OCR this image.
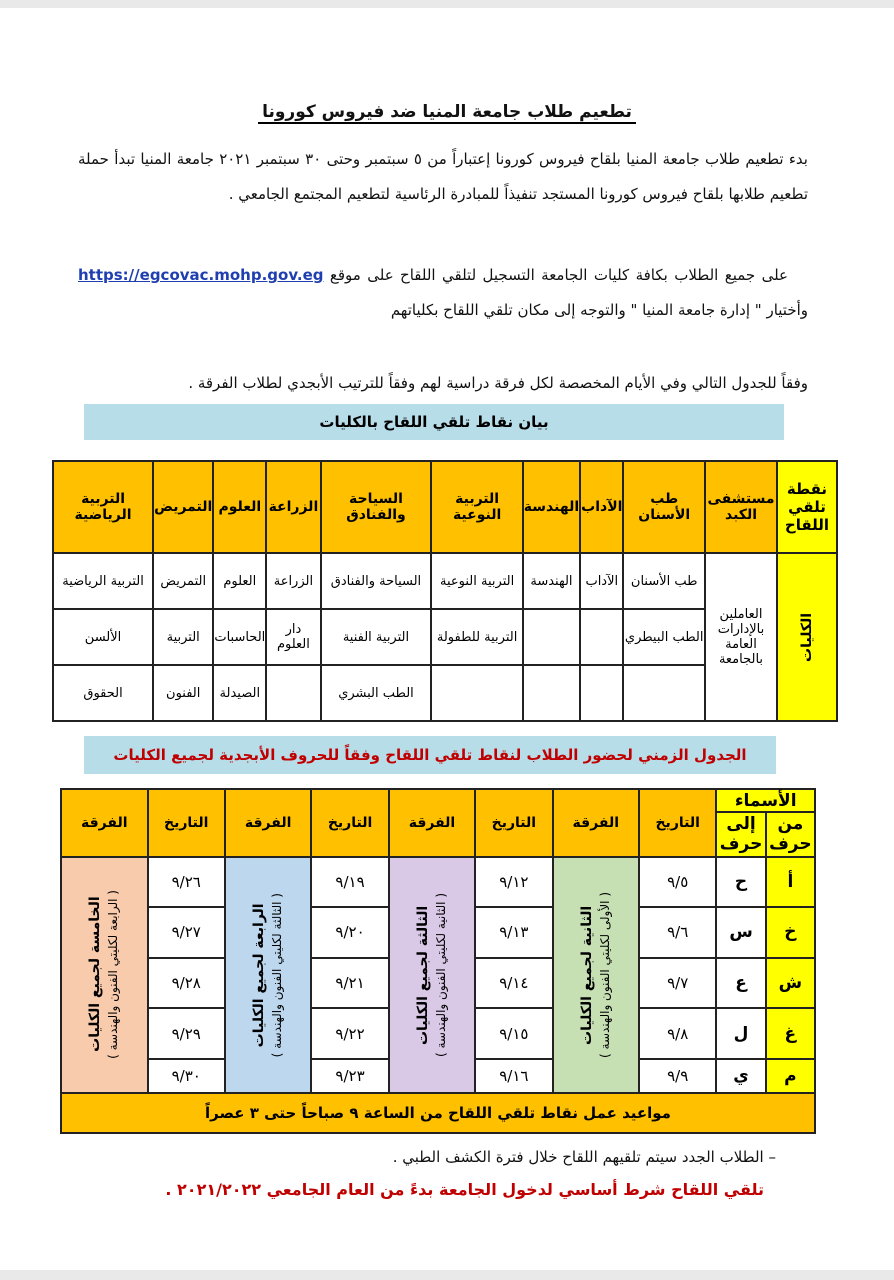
تطعيم طلاب جامعة المنيا ضد فيروس كورونا
بدء تطعيم طلاب جامعة المنيا بلقاح فيروس كورونا إعتباراً من ٥ سبتمبر وحتى ٣٠ سبتمبر ٢٠٢١ جامعة المنيا تبدأ حملة تطعيم طلابها بلقاح فيروس كورونا المستجد تنفيذاً للمبادرة الرئاسية لتطعيم المجتمع الجامعي .
على جميع الطلاب بكافة كليات الجامعة التسجيل لتلقي اللقاح على موقع https://egcovac.mohp.gov.eg وأختيار " إدارة جامعة المنيا " والتوجه إلى مكان تلقي اللقاح بكلياتهم
وفقاً للجدول التالي وفي الأيام المخصصة لكل فرقة دراسية لهم وفقاً للترتيب الأبجدي لطلاب الفرقة .
بيان نقاط تلقي اللقاح بالكليات
نقطة تلقي اللقاح	مستشفى الكبد	طب الأسنان	الآداب	الهندسة	التربية النوعية	السياحة والفنادق	الزراعة	العلوم	التمريض	التربية الرياضية

الكليات	العاملين بالإدارات العامة بالجامعة	طب الأسنان	الآداب	الهندسة	التربية النوعية	السياحة والفنادق	الزراعة	العلوم	التمريض	التربية الرياضية
		الطب البيطري			التربية للطفولة	التربية الفنية	دار العلوم	الحاسبات	التربية	الألسن
						الطب البشري		الصيدلة	الفنون	الحقوق
الجدول الزمني لحضور الطلاب لنقاط تلقي اللقاح وفقاً للحروف الأبجدية لجميع الكليات
الأسماء		التاريخ	الفرقة	التاريخ	الفرقة	التاريخ	الفرقة	التاريخ	الفرقة
من حرف	إلى حرف								
أ	ح	٩/٥	الثانية لجميع الكليات ( الأولى لكليتي الفنون والهندسة )	٩/١٢	الثالثة لجميع الكليات ( الثانية لكليتي الفنون والهندسة )	٩/١٩	الرابعة لجميع الكليات ( الثالثة لكليتي الفنون والهندسة )	٩/٢٦	الخامسة لجميع الكليات ( الرابعة لكليتي الفنون والهندسة )

خ	س	٩/٦		٩/١٣		٩/٢٠		٩/٢٧	
ش	ع	٩/٧		٩/١٤		٩/٢١		٩/٢٨	
غ	ل	٩/٨		٩/١٥		٩/٢٢		٩/٢٩	
م	ي	٩/٩		٩/١٦		٩/٢٣		٩/٣٠	
مواعيد عمل نقاط تلقي اللقاح من الساعة ٩ صباحاً حتى ٣ عصراً									
– الطلاب الجدد سيتم تلقيهم اللقاح خلال فترة الكشف الطبي .
تلقي اللقاح شرط أساسي لدخول الجامعة بدءً من العام الجامعي ٢٠٢١/٢٠٢٢ .
